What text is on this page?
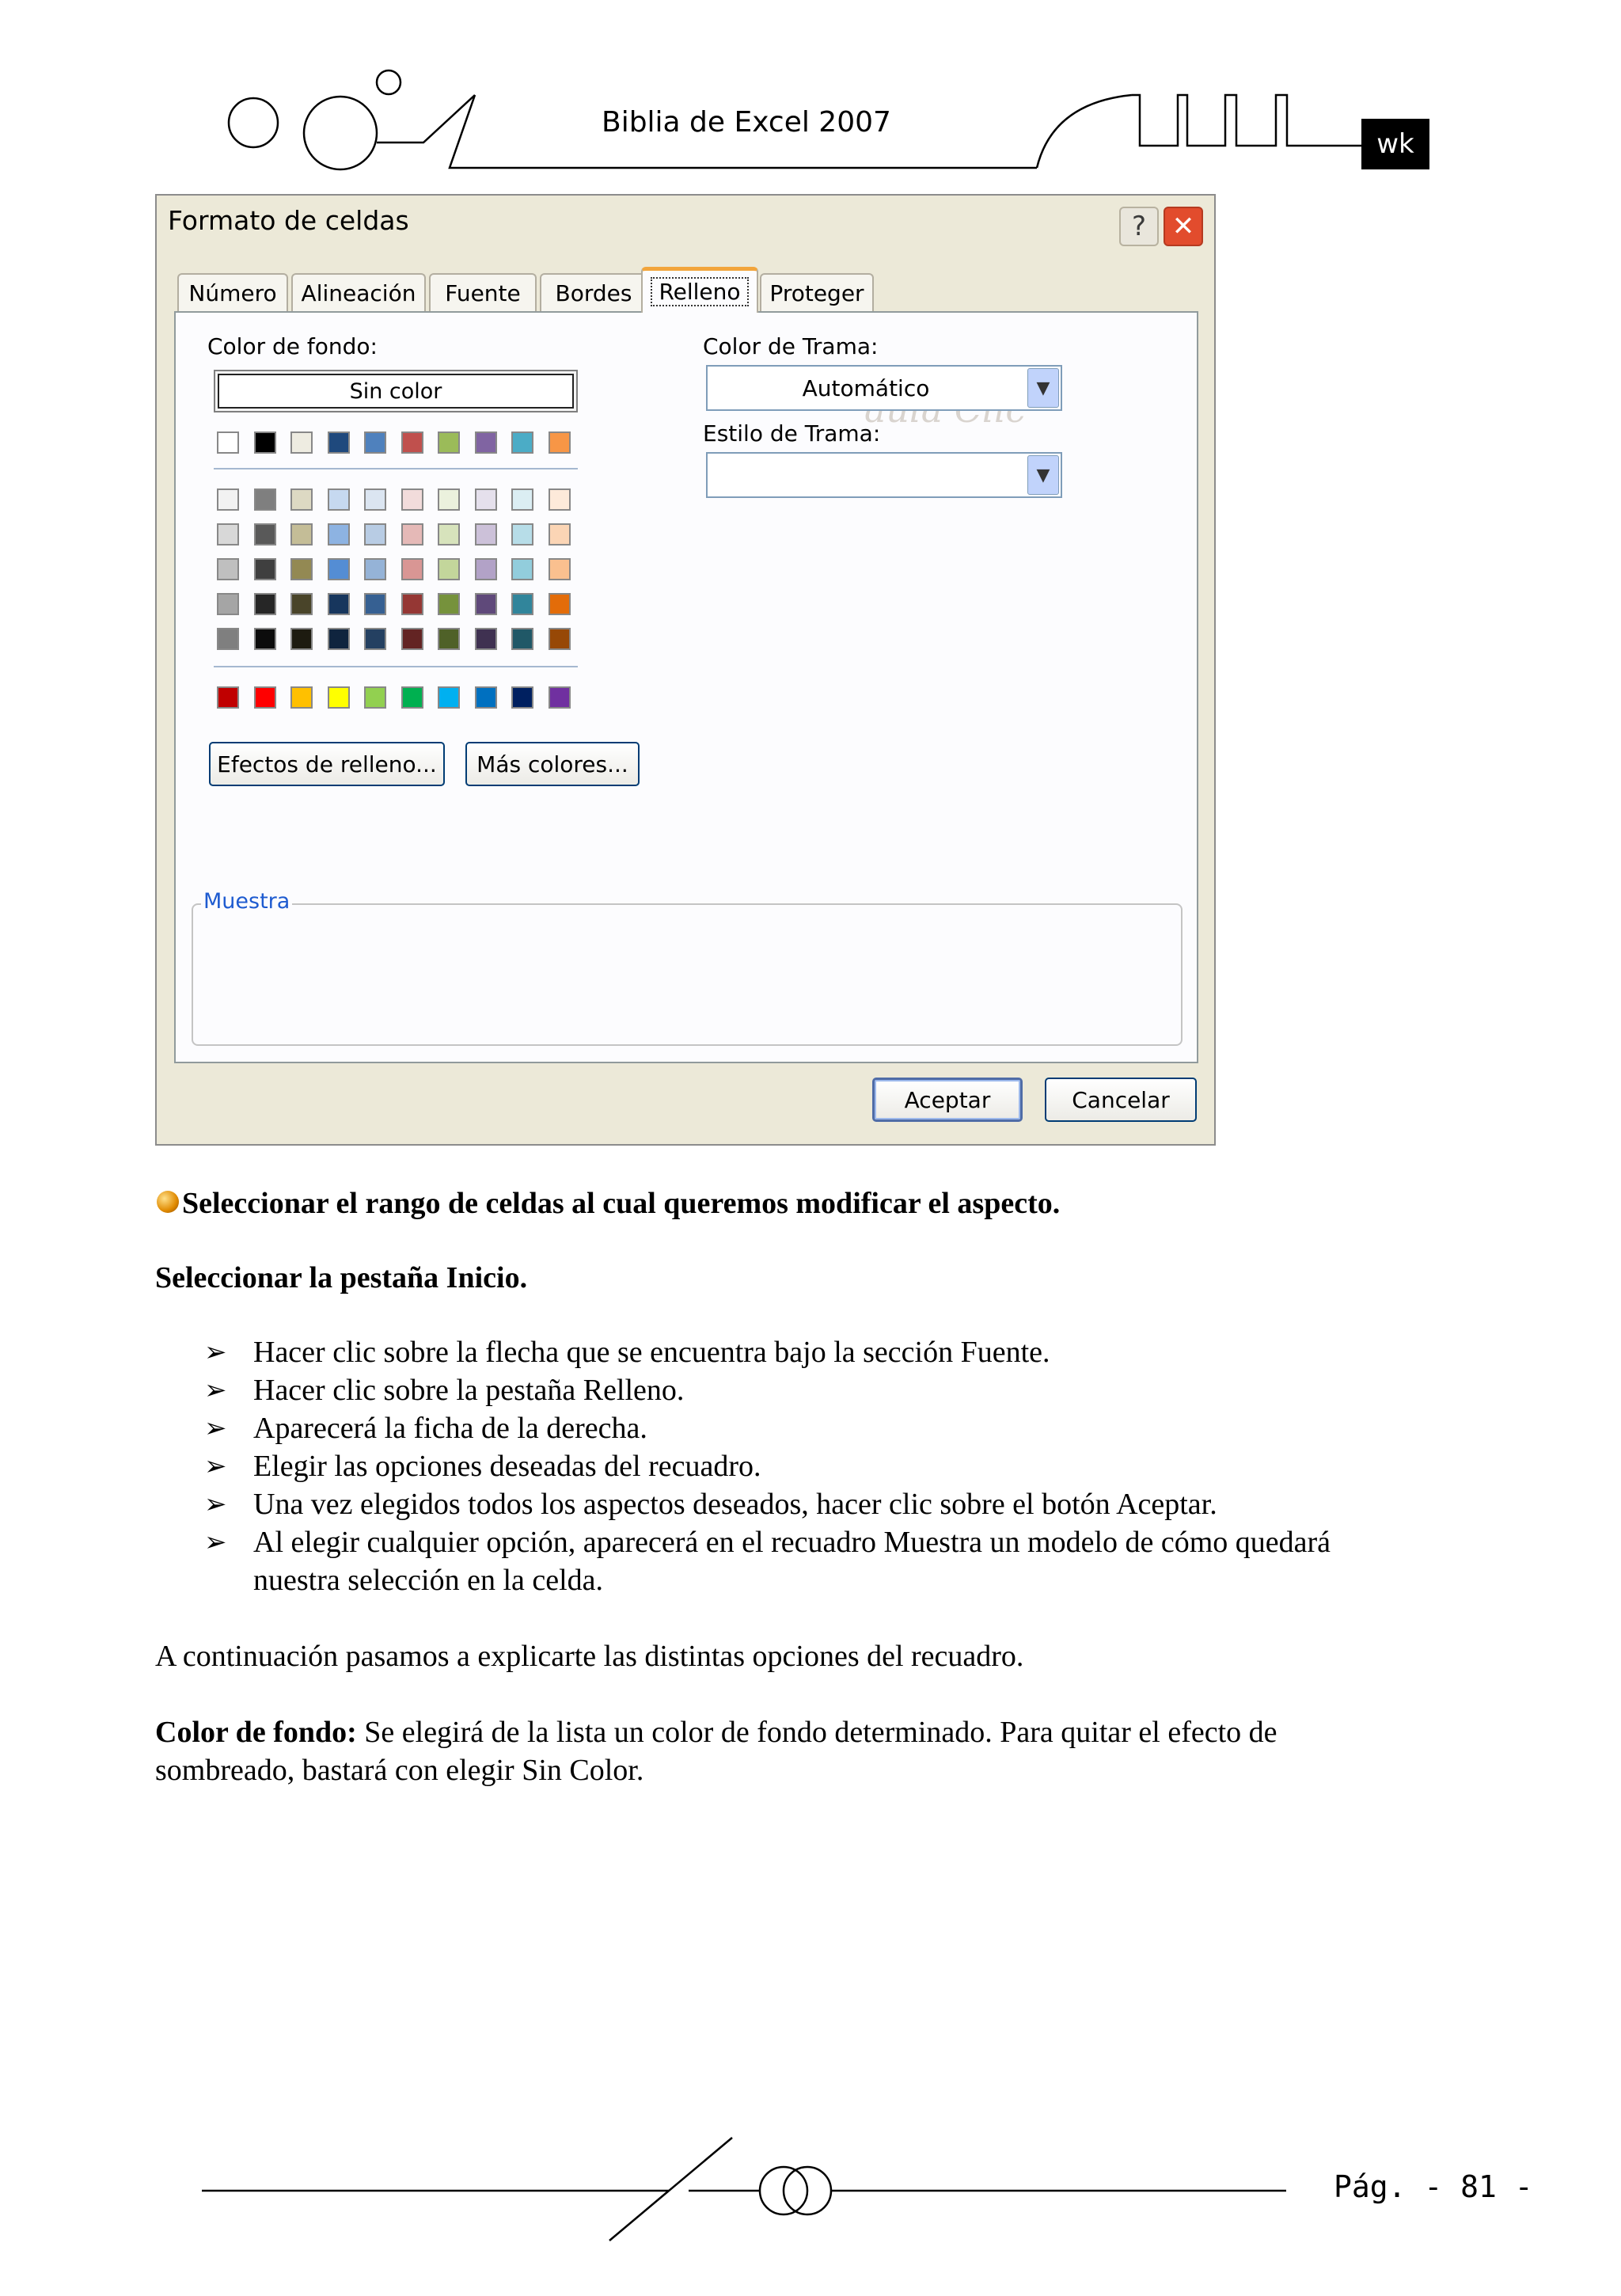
Biblia de Excel 2007
wk
Formato de celdas	? ✕
Número Alineación Fuente Bordes	Relleno	Proteger
Color de fondo:
Sin color
Color de Trama:
Automático	▼
Estilo de Trama:
▼
Efectos de relleno...	Más colores...
Muestra
Aceptar	Cancelar
Seleccionar el rango de celdas al cual queremos modificar el aspecto.
Seleccionar la pestaña Inicio.
➢ Hacer clic sobre la flecha que se encuentra bajo la sección Fuente.
➢ Hacer clic sobre la pestaña Relleno.
➢ Aparecerá la ficha de la derecha.
➢ Elegir las opciones deseadas del recuadro.
➢ Una vez elegidos todos los aspectos deseados, hacer clic sobre el botón Aceptar.
➢ Al elegir cualquier opción, aparecerá en el recuadro Muestra un modelo de cómo quedará
nuestra selección en la celda.
A continuación pasamos a explicarte las distintas opciones del recuadro.
Color de fondo: Se elegirá de la lista un color de fondo determinado. Para quitar el efecto de
sombreado, bastará con elegir Sin Color.
Pág. - 81 -
